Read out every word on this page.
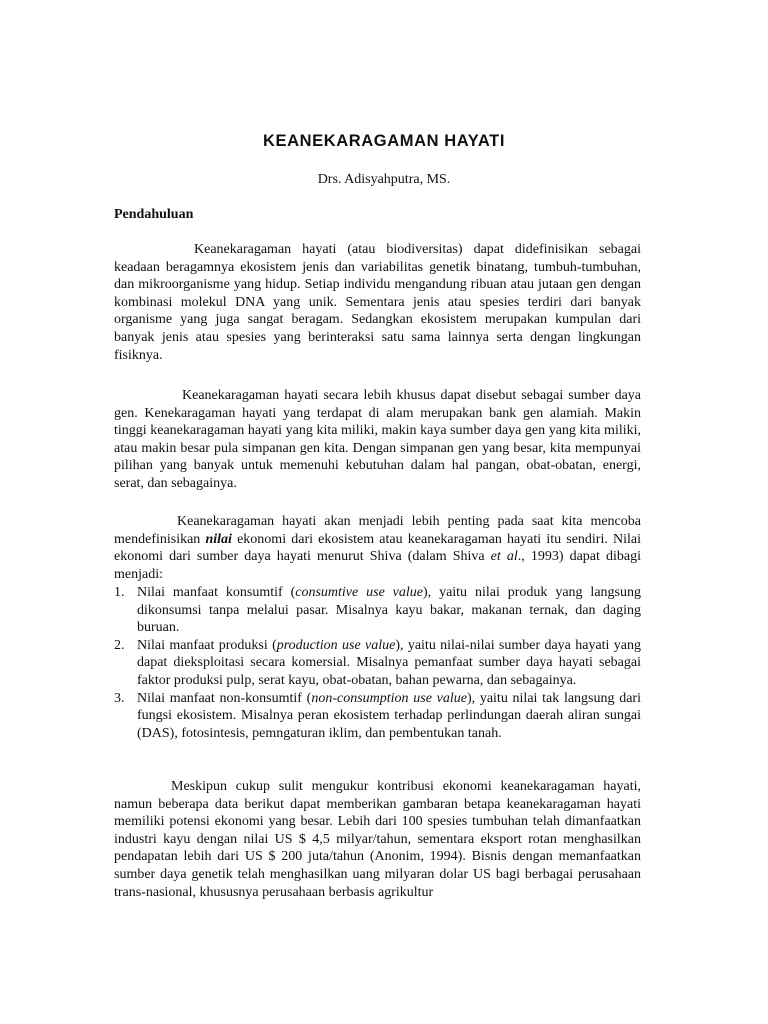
KEANEKARAGAMAN HAYATI

Drs. Adisyahputra, MS.

Pendahuluan

Keanekaragaman hayati (atau biodiversitas) dapat didefinisikan sebagai keadaan beragamnya ekosistem jenis dan variabilitas genetik binatang, tumbuh-tumbuhan, dan mikroorganisme yang hidup. Setiap individu mengandung ribuan atau jutaan gen dengan kombinasi molekul DNA yang unik. Sementara jenis atau spesies terdiri dari banyak organisme yang juga sangat beragam. Sedangkan ekosistem merupakan kumpulan dari banyak jenis atau spesies yang berinteraksi satu sama lainnya serta dengan lingkungan fisiknya.

Keanekaragaman hayati secara lebih khusus dapat disebut sebagai sumber daya gen. Kenekaragaman hayati yang terdapat di alam merupakan bank gen alamiah. Makin tinggi keanekaragaman hayati yang kita miliki, makin kaya sumber daya gen yang kita miliki, atau makin besar pula simpanan gen kita. Dengan simpanan gen yang besar, kita mempunyai pilihan yang banyak untuk memenuhi kebutuhan dalam hal pangan, obat-obatan, energi, serat, dan sebagainya.

Keanekaragaman hayati akan menjadi lebih penting pada saat kita mencoba mendefinisikan nilai ekonomi dari ekosistem atau keanekaragaman hayati itu sendiri. Nilai ekonomi dari sumber daya hayati menurut Shiva (dalam Shiva et al., 1993) dapat dibagi menjadi:

1. Nilai manfaat konsumtif (consumtive use value), yaitu nilai produk yang langsung dikonsumsi tanpa melalui pasar. Misalnya kayu bakar, makanan ternak, dan daging buruan.
2. Nilai manfaat produksi (production use value), yaitu nilai-nilai sumber daya hayati yang dapat dieksploitasi secara komersial. Misalnya pemanfaat sumber daya hayati sebagai faktor produksi pulp, serat kayu, obat-obatan, bahan pewarna, dan sebagainya.
3. Nilai manfaat non-konsumtif (non-consumption use value), yaitu nilai tak langsung dari fungsi ekosistem. Misalnya peran ekosistem terhadap perlindungan daerah aliran sungai (DAS), fotosintesis, pemngaturan iklim, dan pembentukan tanah.

Meskipun cukup sulit mengukur kontribusi ekonomi keanekaragaman hayati, namun beberapa data berikut dapat memberikan gambaran betapa keanekaragaman hayati memiliki potensi ekonomi yang besar. Lebih dari 100 spesies tumbuhan telah dimanfaatkan industri kayu dengan nilai US $ 4,5 milyar/tahun, sementara eksport rotan menghasilkan pendapatan lebih dari US $ 200 juta/tahun (Anonim, 1994). Bisnis dengan memanfaatkan sumber daya genetik telah menghasilkan uang milyaran dolar US bagi berbagai perusahaan trans-nasional, khususnya perusahaan berbasis agrikultur
